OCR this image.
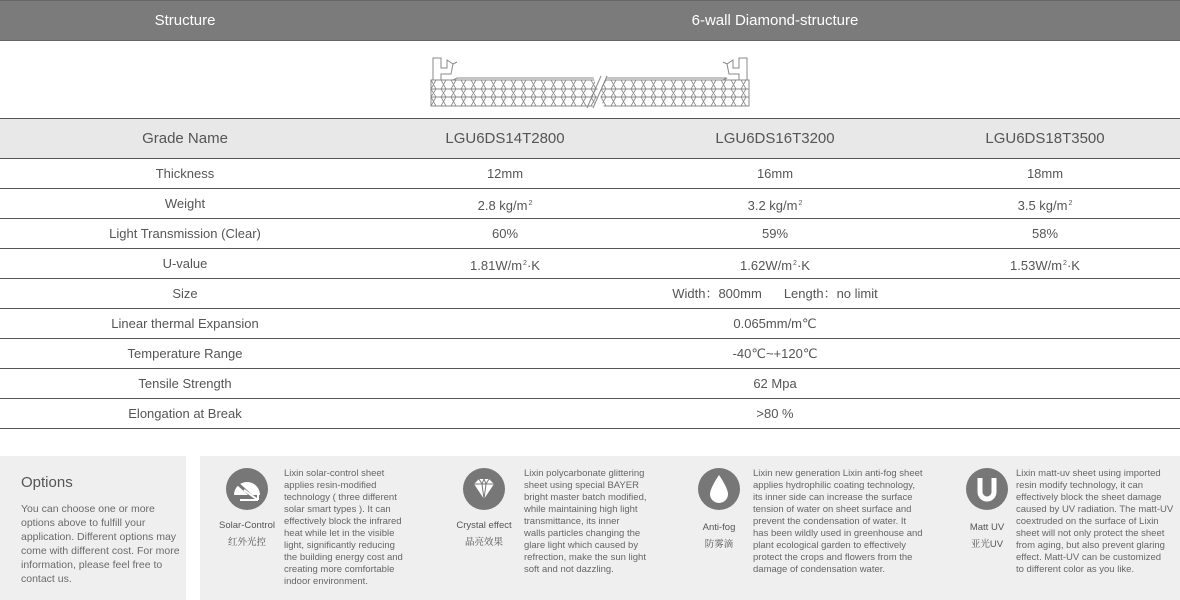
Structure	6-wall Diamond-structure
Grade Name	LGU6DS14T2800	LGU6DS16T3200	LGU6DS18T3500
Thickness	12mm	16mm	18mm
Weight	2.8 $kg/m^2$	3.2 $kg/m^2$	3.5 $kg/m^2$
Light Transmission (Clear)	60%	59%	58%
U-value	$1.81W/m^2\cdot K$	$1.62W/m^2\cdot K$	$1.53W/m^2\cdot K$
Size	Width：800mm Length：no limit
Linear thermal Expansion	0.065mm/m℃
Temperature Range	-40℃~+120℃
Tensile Strength	62 Mpa
Elongation at Break	>80 %
Options
You can choose one or more options above to fulfill your application. Different options may come with different cost. For more information, please feel free to contact us.
Solar-Control
红外光控
Lixin solar-control sheet
applies resin-modified
technology ( three different
solar smart types ). It can
effectively block the infrared
heat while let in the visible
light, significantly reducing
the building energy cost and
creating more comfortable
indoor environment.
Crystal effect
晶亮效果
Lixin polycarbonate glittering
sheet using special BAYER
bright master batch modified,
while maintaining high light
transmittance, its inner
walls particles changing the
glare light which caused by
refrection, make the sun light
soft and not dazzling.
Anti-fog
防雾滴
Lixin new generation Lixin anti-fog sheet
applies hydrophilic coating technology,
its inner side can increase the surface
tension of water on sheet surface and
prevent the condensation of water. It
has been wildly used in greenhouse and
plant ecological garden to effectively
protect the crops and flowers from the
damage of condensation water.
Matt UV
亚光UV
Lixin matt-uv sheet using imported
resin modify technology, it can
effectively block the sheet damage
caused by UV radiation. The matt-UV
coextruded on the surface of Lixin
sheet will not only protect the sheet
from aging, but also prevent glaring
effect. Matt-UV can be customized
to different color as you like.
